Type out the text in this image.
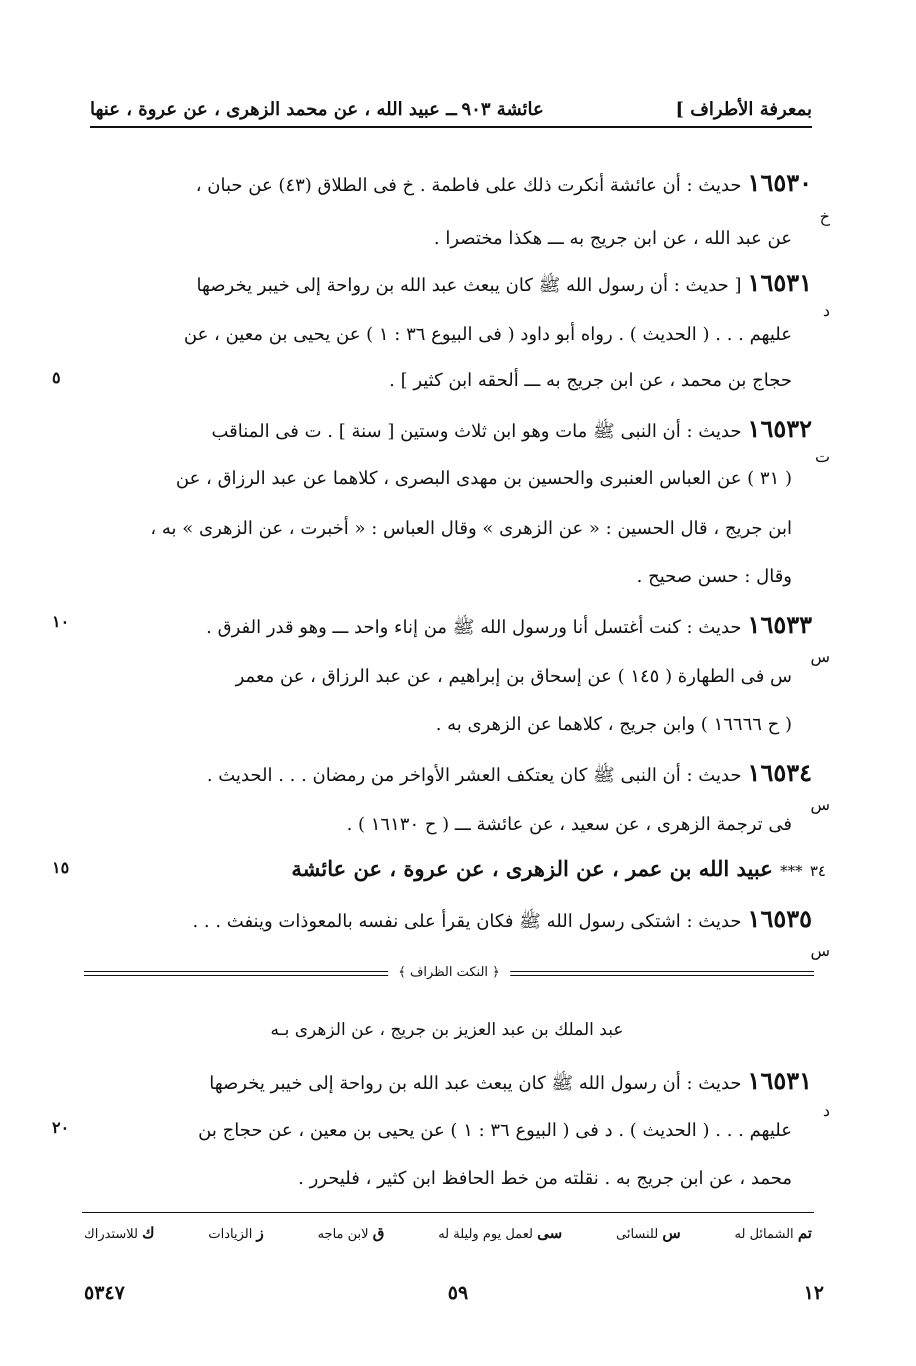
بمعرفة الأطراف ]
عائشة ٩٠٣ ــ عبيد الله ، عن محمد الزهرى ، عن عروة ، عنها
١٦٥٣٠حديث : أن عائشة أنكرت ذلك على فاطمة . خ فى الطلاق (٤٣) عن حبان ،
خ
عن عبد الله ، عن ابن جريج به ـــ هكذا مختصرا .
١٦٥٣١[ حديث : أن رسول الله ﷺ كان يبعث عبد الله بن رواحة إلى خيبر يخرصها
د
عليهم . . . ( الحديث ) . رواه أبو داود ( فى البيوع ٣٦ : ١ ) عن يحيى بن معين ، عن
حجاج بن محمد ، عن ابن جريج به ـــ ألحقه ابن كثير ] .
٥
١٦٥٣٢حديث : أن النبى ﷺ مات وهو ابن ثلاث وستين [ سنة ] . ت فى المناقب
ت
( ٣١ ) عن العباس العنبرى والحسين بن مهدى البصرى ، كلاهما عن عبد الرزاق ، عن
ابن جريج ، قال الحسين : « عن الزهرى » وقال العباس : « أخبرت ، عن الزهرى » به ،
وقال : حسن صحيح .
١٦٥٣٣حديث : كنت أغتسل أنا ورسول الله ﷺ من إناء واحد ـــ وهو قدر الفرق .
١٠
س
س فى الطهارة ( ١٤٥ ) عن إسحاق بن إبراهيم ، عن عبد الرزاق ، عن معمر
( ح ١٦٦٦٦ ) وابن جريج ، كلاهما عن الزهرى به .
١٦٥٣٤حديث : أن النبى ﷺ كان يعتكف العشر الأواخر من رمضان . . . الحديث .
س
فى ترجمة الزهرى ، عن سعيد ، عن عائشة ـــ ( ح ١٦١٣٠ ) .
٣٤ *** عبيد الله بن عمر ، عن الزهرى ، عن عروة ، عن عائشة
١٥
١٦٥٣٥حديث : اشتكى رسول الله ﷺ فكان يقرأ على نفسه بالمعوذات وينفث . . .
س
﴿ النكت الظراف ﴾
عبد الملك بن عبد العزيز بن جريج ، عن الزهرى بـه
١٦٥٣١حديث : أن رسول الله ﷺ كان يبعث عبد الله بن رواحة إلى خيبر يخرصها
د
عليهم . . . ( الحديث ) . د فى ( البيوع ٣٦ : ١ ) عن يحيى بن معين ، عن حجاج بن
٢٠
محمد ، عن ابن جريج به . نقلته من خط الحافظ ابن كثير ، فليحرر .
تم الشمائل له
س للنسائى
سى لعمل يوم وليلة له
ق لابن ماجه
ز الزيادات
ك للاستدراك
١٢
٥٩
٥٣٤٧
